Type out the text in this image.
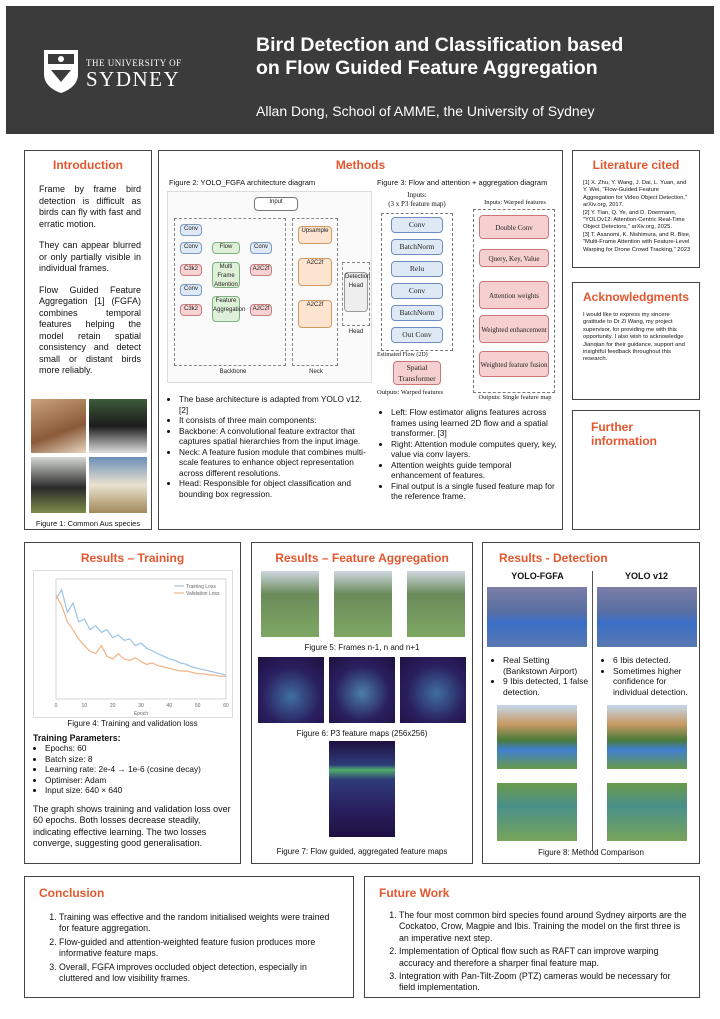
THE UNIVERSITY OF
SYDNEY
Bird Detection and Classification based
on Flow Guided Feature Aggregation
Allan Dong, School of AMME, the University of Sydney
Introduction

Frame by frame bird detection is difficult as birds can fly with fast and erratic motion.

They can appear blurred or only partially visible in individual frames.

Flow Guided Feature Aggregation [1] (FGFA) combines temporal features helping the model retain spatial consistency and detect small or distant birds more reliably.

Figure 1: Common Aus species
Methods
Figure 2: YOLO_FGFA architecture diagram	Figure 3: Flow and attention + aggregation diagram
Input
Conv
Conv
C3k2
Conv
C3k2
Flow
Multi Frame Attention
Feature Aggregation
Conv
A2C2f
A2C2f
Upsample
A2C2f
A2C2f
Detection Head
Backbone	Neck
Head
Inputs:
(3 x P3 feature map)
Estimated Flow (2D)
Spatial Transformer
Outputs: Warped features
Inputs: Warped features
Outputs: Single feature map
Conv
BatchNorm
Relu
Conv
BatchNorm
Out Conv
Double Conv
Query, Key, Value
Attention weights
Weighted enhancement
Weighted feature fusion
• The base architecture is adapted from YOLO v12. [2]
• It consists of three main components:
• Backbone: A convolutional feature extractor that captures spatial hierarchies from the input image.
• Neck: A feature fusion module that combines multi-scale features to enhance object representation across different resolutions.
• Head: Responsible for object classification and bounding box regression.
• Left: Flow estimator aligns features across frames using learned 2D flow and a spatial transformer. [3]
• Right: Attention module computes query, key, value via conv layers.
• Attention weights guide temporal enhancement of features.
• Final output is a single fused feature map for the reference frame.
Literature cited

[1] X. Zhu, Y. Wang, J. Dai, L. Yuan, and Y. Wei, "Flow-Guided Feature Aggregation for Video Object Detection," arXiv.org, 2017.

[2] Y. Tian, Q. Ye, and D. Doermann, "YOLOv12: Attention-Centric Real-Time Object Detectors," arXiv.org, 2025.

[3] T. Asanomi, K. Nishimura, and R. Bise, "Multi-Frame Attention with Feature-Level Warping for Drone Crowd Tracking," 2023

Acknowledgments
I would like to express my sincere gratitude to Dr Zi Wang, my project supervisor, for providing me with this opportunity. I also wish to acknowledge Jianqian for their guidance, support and insightful feedback throughout this research.
Further
information
Results – Training
0	10	20	30	40	50	60
Epoch
Training Loss
Validation Loss
Figure 4: Training and validation loss
Training Parameters:
• Epochs: 60
• Batch size: 8
• Learning rate: 2e-4 → 1e-6 (cosine decay)
• Optimiser: Adam
• Input size: 640 × 640

The graph shows training and validation loss over 60 epochs. Both losses decrease steadily, indicating effective learning. The two losses converge, suggesting good generalisation.

Results – Feature Aggregation
Figure 5: Frames n-1, n and n+1
Figure 6: P3 feature maps (256x256)
Figure 7: Flow guided, aggregated feature maps
Results - Detection
YOLO-FGFA	YOLO v12
• Real Setting (Bankstown Airport)
• 9 Ibis detected, 1 false detection.
• 6 Ibis detected.
• Sometimes higher confidence for individual detection.
Figure 8: Method Comparison
Conclusion
1. Training was effective and the random initialised weights were trained for feature aggregation.
2. Flow-guided and attention-weighted feature fusion produces more informative feature maps.
3. Overall, FGFA improves occluded object detection, especially in cluttered and low visibility frames.
Future Work
1. The four most common bird species found around Sydney airports are the Cockatoo, Crow, Magpie and Ibis. Training the model on the first three is an imperative next step.
2. Implementation of Optical flow such as RAFT can improve warping accuracy and therefore a sharper final feature map.
3. Integration with Pan-Tilt-Zoom (PTZ) cameras would be necessary for field implementation.
